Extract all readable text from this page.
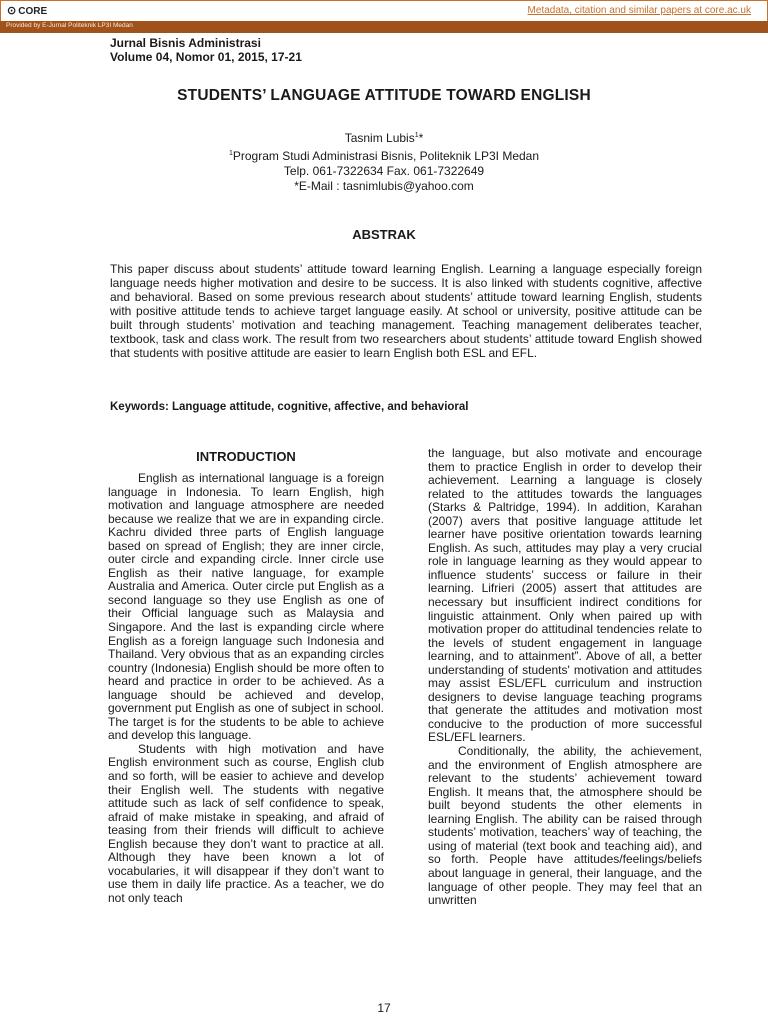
⊙ CORE	Metadata, citation and similar papers at core.ac.uk
Provided by E-Jurnal Politeknik LP3I Medan
Jurnal Bisnis Administrasi
Volume 04, Nomor 01, 2015, 17-21
STUDENTS’ LANGUAGE ATTITUDE TOWARD ENGLISH
Tasnim Lubis$^1$*
$^1$Program Studi Administrasi Bisnis, Politeknik LP3I Medan
Telp. 061-7322634 Fax. 061-7322649
*E-Mail : tasnimlubis@yahoo.com
ABSTRAK
This paper discuss about students’ attitude toward learning English. Learning a language especially foreign language needs higher motivation and desire to be success. It is also linked with students cognitive, affective and behavioral. Based on some previous research about students’ attitude toward learning English, students with positive attitude tends to achieve target language easily. At school or university, positive attitude can be built through students’ motivation and teaching management. Teaching management deliberates teacher, textbook, task and class work. The result from two researchers about students’ attitude toward English showed that students with positive attitude are easier to learn English both ESL and EFL.
Keywords: Language attitude, cognitive, affective, and behavioral
INTRODUCTION

English as international language is a foreign language in Indonesia. To learn English, high motivation and language atmosphere are needed because we realize that we are in expanding circle. Kachru divided three parts of English language based on spread of English; they are inner circle, outer circle and expanding circle. Inner circle use English as their native language, for example Australia and America. Outer circle put English as a second language so they use English as one of their Official language such as Malaysia and Singapore. And the last is expanding circle where English as a foreign language such Indonesia and Thailand. Very obvious that as an expanding circles country (Indonesia) English should be more often to heard and practice in order to be achieved. As a language should be achieved and develop, government put English as one of subject in school. The target is for the students to be able to achieve and develop this language.

Students with high motivation and have English environment such as course, English club and so forth, will be easier to achieve and develop their English well. The students with negative attitude such as lack of self confidence to speak, afraid of make mistake in speaking, and afraid of teasing from their friends will difficult to achieve English because they don’t want to practice at all. Although they have been known a lot of vocabularies, it will disappear if they don’t want to use them in daily life practice. As a teacher, we do not only teach

the language, but also motivate and encourage them to practice English in order to develop their achievement. Learning a language is closely related to the attitudes towards the languages (Starks & Paltridge, 1994). In addition, Karahan (2007) avers that positive language attitude let learner have positive orientation towards learning English. As such, attitudes may play a very crucial role in language learning as they would appear to influence students’ success or failure in their learning. Lifrieri (2005) assert that attitudes are necessary but insufficient indirect conditions for linguistic attainment. Only when paired up with motivation proper do attitudinal tendencies relate to the levels of student engagement in language learning, and to attainment”. Above of all, a better understanding of students' motivation and attitudes may assist ESL/EFL curriculum and instruction designers to devise language teaching programs that generate the attitudes and motivation most conducive to the production of more successful ESL/EFL learners.

Conditionally, the ability, the achievement, and the environment of English atmosphere are relevant to the students’ achievement toward English. It means that, the atmosphere should be built beyond students the other elements in learning English. The ability can be raised through students’ motivation, teachers’ way of teaching, the using of material (text book and teaching aid), and so forth. People have attitudes/feelings/beliefs about language in general, their language, and the language of other people. They may feel that an unwritten

17
